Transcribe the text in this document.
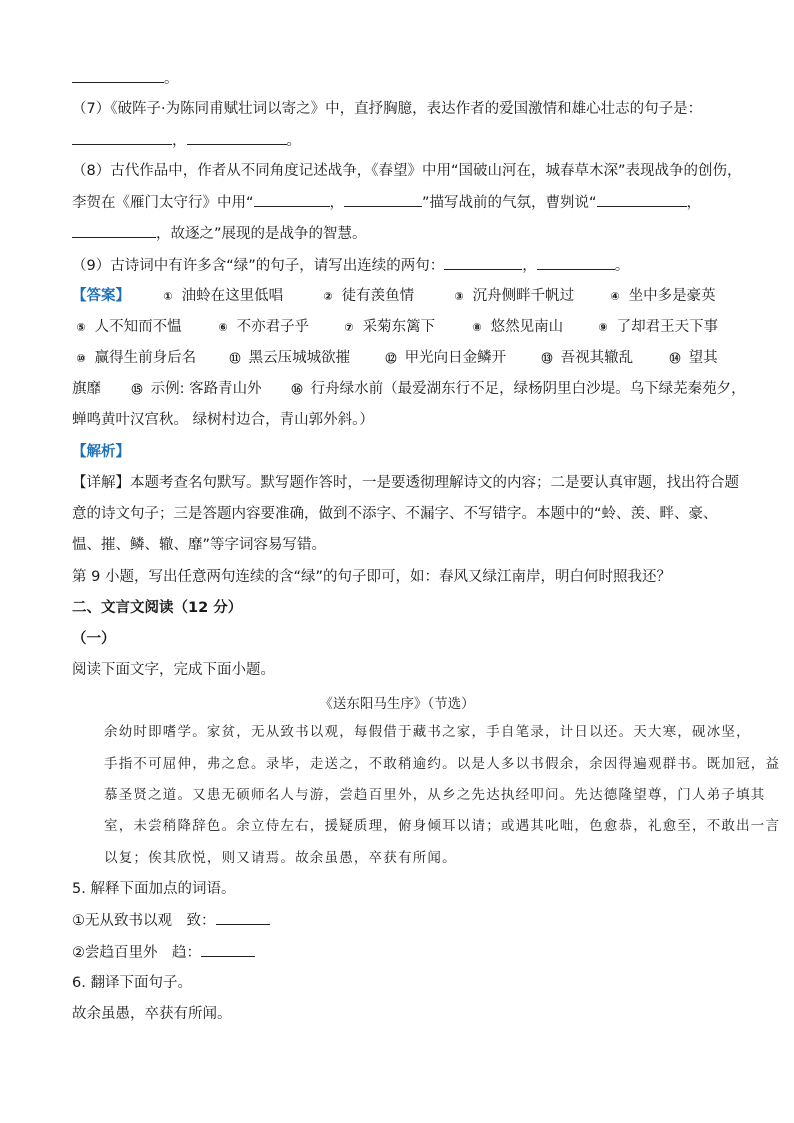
。
（7）《破阵子·为陈同甫赋壮词以寄之》中，直抒胸臆，表达作者的爱国激情和雄心壮志的句子是：
，	。
（8）古代作品中，作者从不同角度记述战争，《春望》中用“国破山河在，城春草木深”表现战争的创伤，
李贺在《雁门太守行》中用“	，	”描写战前的气氛，曹刿说“	，
，故逐之”展现的是战争的智慧。
（9）古诗词中有许多含“绿”的句子，请写出连续的两句：	，	。
【答案】	① 油蛉在这里低唱	② 徒有羡鱼情	③ 沉舟侧畔千帆过	④ 坐中多是豪英
⑤ 人不知而不愠	⑥ 不亦君子乎	⑦ 采菊东篱下	⑧ 悠然见南山	⑨ 了却君王天下事
⑩ 赢得生前身后名	⑪ 黑云压城城欲摧	⑫ 甲光向日金鳞开	⑬ 吾视其辙乱	⑭ 望其
旗靡	⑮ 示例: 客路青山外	⑯ 行舟绿水前（最爱湖东行不足，绿杨阴里白沙堤。乌下绿芜秦苑夕，
蝉鸣黄叶汉宫秋。 绿树村边合，青山郭外斜。）
【解析】
【详解】本题考查名句默写。默写题作答时，一是要透彻理解诗文的内容；二是要认真审题，找出符合题
意的诗文句子；三是答题内容要准确，做到不添字、不漏字、不写错字。本题中的“蛉、羡、畔、豪、
愠、摧、鳞、辙、靡”等字词容易写错。
第 9 小题，写出任意两句连续的含“绿”的句子即可，如：春风又绿江南岸，明白何时照我还？
二、文言文阅读（12 分）
（一）
阅读下面文字，完成下面小题。
《送东阳马生序》（节选）
余幼时即嗜学。家贫，无从致书以观，每假借于藏书之家，手自笔录，计日以还。天大寒，砚冰坚，
手指不可屈伸，弗之怠。录毕，走送之，不敢稍逾约。以是人多以书假余，余因得遍观群书。既加冠，益
慕圣贤之道。又患无硕师名人与游，尝趋百里外，从乡之先达执经叩问。先达德隆望尊，门人弟子填其
室，未尝稍降辞色。余立侍左右，援疑质理，俯身倾耳以请；或遇其叱咄，色愈恭，礼愈至，不敢出一言
以复；俟其欣悦，则又请焉。故余虽愚，卒获有所闻。
5. 解释下面加点的词语。
①无从致书以观　致：
②尝趋百里外　趋：
6. 翻译下面句子。
故余虽愚，卒获有所闻。
